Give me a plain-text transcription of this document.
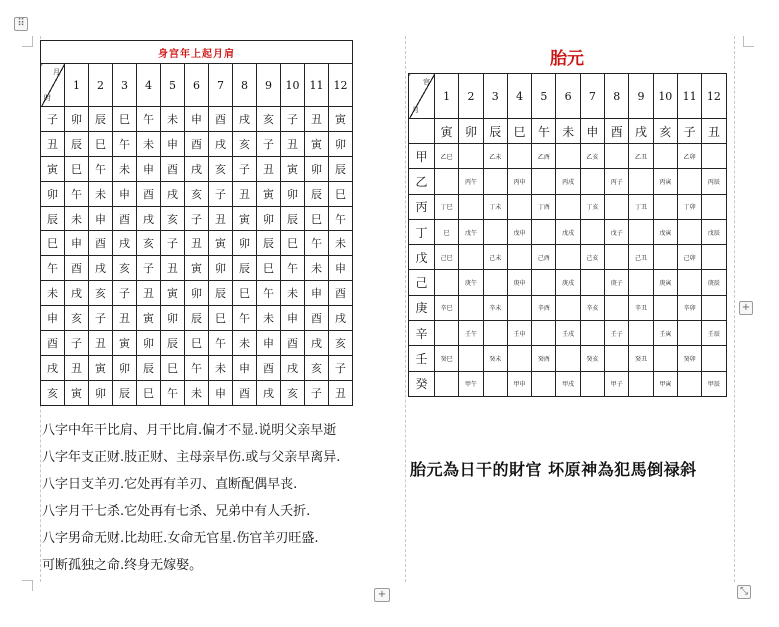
⠿
身宫年上起月肩												

月
时	1	2	3	4	5	6	7	8	9	10	11	12
子	卯	辰	巳	午	未	申	酉	戌	亥	子	丑	寅
丑	辰	巳	午	未	申	酉	戌	亥	子	丑	寅	卯
寅	巳	午	未	申	酉	戌	亥	子	丑	寅	卯	辰
卯	午	未	申	酉	戌	亥	子	丑	寅	卯	辰	巳
辰	未	申	酉	戌	亥	子	丑	寅	卯	辰	巳	午
巳	申	酉	戌	亥	子	丑	寅	卯	辰	巳	午	未
午	酉	戌	亥	子	丑	寅	卯	辰	巳	午	未	申
未	戌	亥	子	丑	寅	卯	辰	巳	午	未	申	酉
申	亥	子	丑	寅	卯	辰	巳	午	未	申	酉	戌
酉	子	丑	寅	卯	辰	巳	午	未	申	酉	戌	亥
戌	丑	寅	卯	辰	巳	午	未	申	酉	戌	亥	子
亥	寅	卯	辰	巳	午	未	申	酉	戌	亥	子	丑
八字中年干比肩、月干比肩.偏才不显.说明父亲早逝
八字年支正财.肢正财、主母亲早伤.或与父亲早离异.
八字日支羊刃.它处再有羊刃、直断配偶早丧.
八字月干七杀.它处再有七杀、兄弟中有人夭折.
八字男命无财.比劫旺.女命无官星.伤官羊刃旺盛.
可断孤独之命.终身无嫁娶。
胎元
官
月	1	2	3	4	5	6	7	8	9	10	11	12
	寅	卯	辰	巳	午	未	申	酉	戌	亥	子	丑
甲	乙巳		乙未		乙酉		乙亥		乙丑		乙卯	
乙		丙午		丙申		丙戌		丙子		丙寅		丙辰
丙	丁巳		丁未		丁酉		丁亥		丁丑		丁卯	
丁	巳	戊午		戊申		戊戌		戊子		戊寅		戊辰
戊	己巳		己未		己酉		己亥		己丑		己卯	
己		庚午		庚申		庚戌		庚子		庚寅		庚辰
庚	辛巳		辛未		辛酉		辛亥		辛丑		辛卯	
辛		壬午		壬申		壬戌		壬子		壬寅		壬辰
壬	癸巳		癸未		癸酉		癸亥		癸丑		癸卯	
癸		甲午		甲申		甲戌		甲子		甲寅		甲辰
胎元為日干的財官 坏原神為犯馬倒禄斜
+
+	⤡
